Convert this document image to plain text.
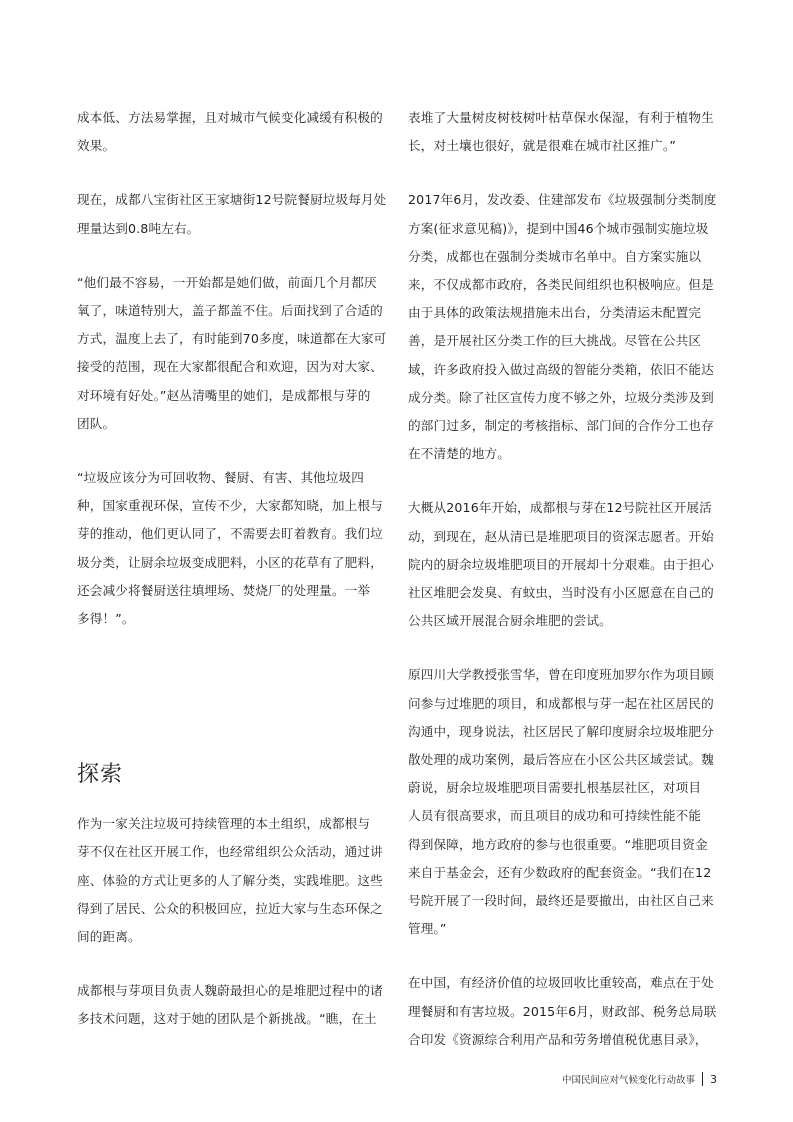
成本低、方法易掌握，且对城市气候变化减缓有积极的
效果。

现在，成都八宝街社区王家塘街12号院餐厨垃圾每月处
理量达到0.8吨左右。

“他们最不容易，一开始都是她们做，前面几个月都厌
氧了，味道特别大，盖子都盖不住。后面找到了合适的
方式，温度上去了，有时能到70多度，味道都在大家可
接受的范围，现在大家都很配合和欢迎，因为对大家、
对环境有好处。”赵丛清嘴里的她们，是成都根与芽的
团队。

“垃圾应该分为可回收物、餐厨、有害、其他垃圾四
种，国家重视环保，宣传不少，大家都知晓，加上根与
芽的推动，他们更认同了，不需要去盯着教育。我们垃
圾分类，让厨余垃圾变成肥料，小区的花草有了肥料，
还会减少将餐厨送往填埋场、焚烧厂的处理量。一举
多得！”。

探索

作为一家关注垃圾可持续管理的本土组织，成都根与
芽不仅在社区开展工作，也经常组织公众活动，通过讲
座、体验的方式让更多的人了解分类，实践堆肥。这些
得到了居民、公众的积极回应，拉近大家与生态环保之
间的距离。

成都根与芽项目负责人魏蔚最担心的是堆肥过程中的诸
多技术问题，这对于她的团队是个新挑战。“瞧，在土

表堆了大量树皮树枝树叶枯草保水保湿，有利于植物生
长，对土壤也很好，就是很难在城市社区推广。”

2017年6月，发改委、住建部发布《垃圾强制分类制度
方案(征求意见稿)》，提到中国46个城市强制实施垃圾
分类，成都也在强制分类城市名单中。自方案实施以
来，不仅成都市政府，各类民间组织也积极响应。但是
由于具体的政策法规措施未出台，分类清运未配置完
善，是开展社区分类工作的巨大挑战。尽管在公共区
域，许多政府投入做过高级的智能分类箱，依旧不能达
成分类。除了社区宣传力度不够之外，垃圾分类涉及到
的部门过多，制定的考核指标、部门间的合作分工也存
在不清楚的地方。

大概从2016年开始，成都根与芽在12号院社区开展活
动，到现在，赵从清已是堆肥项目的资深志愿者。开始
院内的厨余垃圾堆肥项目的开展却十分艰难。由于担心
社区堆肥会发臭、有蚊虫，当时没有小区愿意在自己的
公共区域开展混合厨余堆肥的尝试。

原四川大学教授张雪华，曾在印度班加罗尔作为项目顾
问参与过堆肥的项目，和成都根与芽一起在社区居民的
沟通中，现身说法，社区居民了解印度厨余垃圾堆肥分
散处理的成功案例，最后答应在小区公共区域尝试。魏
蔚说，厨余垃圾堆肥项目需要扎根基层社区，对项目
人员有很高要求，而且项目的成功和可持续性能不能
得到保障，地方政府的参与也很重要。“堆肥项目资金
来自于基金会，还有少数政府的配套资金。“我们在12
号院开展了一段时间，最终还是要撤出，由社区自己来
管理。”

在中国，有经济价值的垃圾回收比重较高，难点在于处
理餐厨和有害垃圾。2015年6月，财政部、税务总局联
合印发《资源综合利用产品和劳务增值税优惠目录》，

中国民间应对气候变化行动故事 3
